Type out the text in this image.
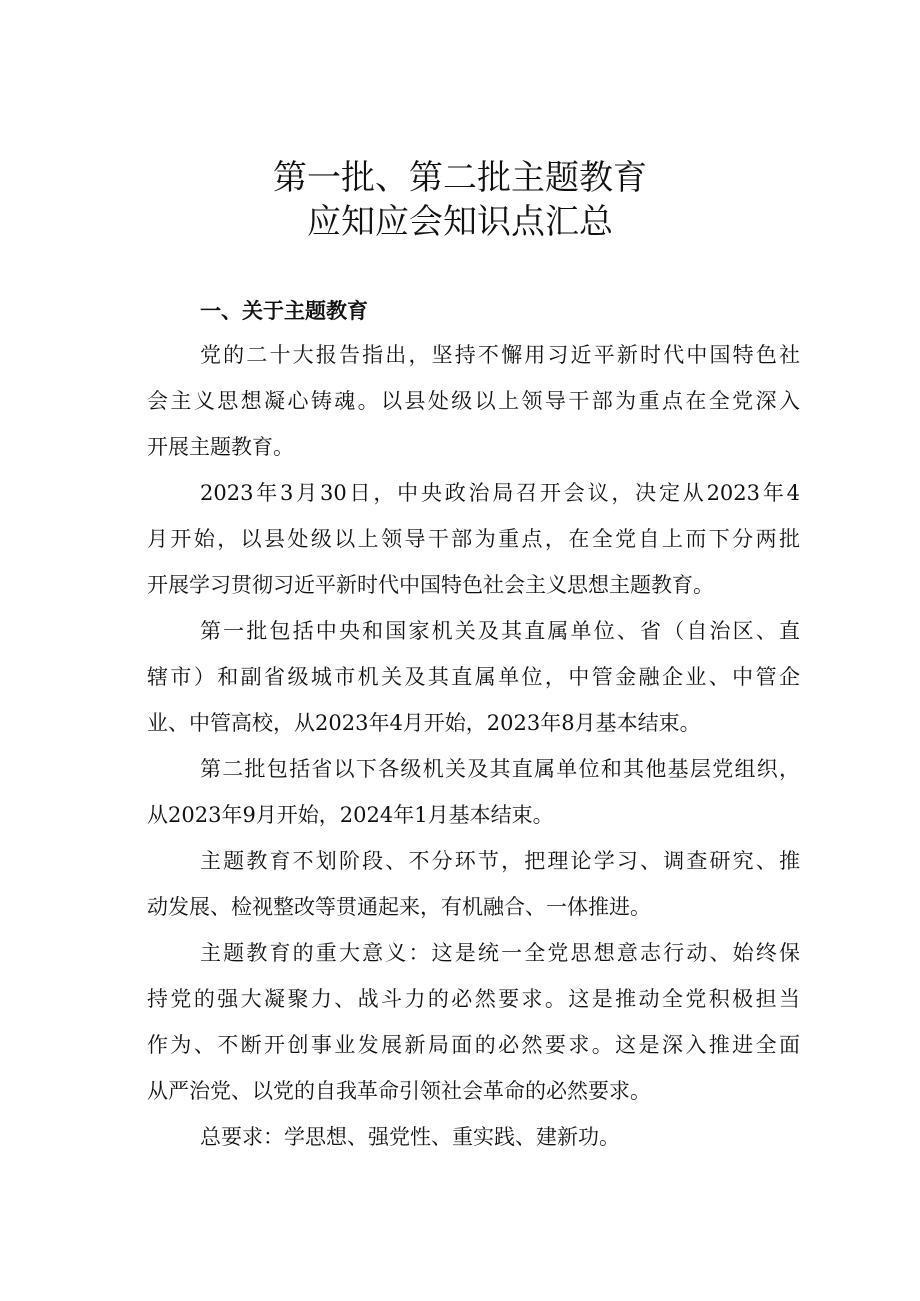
第一批、第二批主题教育
应知应会知识点汇总
一、关于主题教育
党的二十大报告指出，坚持不懈用习近平新时代中国特色社
会主义思想凝心铸魂。以县处级以上领导干部为重点在全党深入
开展主题教育。
2023年3月30日，中央政治局召开会议，决定从2023年4
月开始，以县处级以上领导干部为重点，在全党自上而下分两批
开展学习贯彻习近平新时代中国特色社会主义思想主题教育。
第一批包括中央和国家机关及其直属单位、省（自治区、直
辖市）和副省级城市机关及其直属单位，中管金融企业、中管企
业、中管高校，从2023年4月开始，2023年8月基本结束。
第二批包括省以下各级机关及其直属单位和其他基层党组织，
从2023年9月开始，2024年1月基本结束。
主题教育不划阶段、不分环节，把理论学习、调查研究、推
动发展、检视整改等贯通起来，有机融合、一体推进。
主题教育的重大意义：这是统一全党思想意志行动、始终保
持党的强大凝聚力、战斗力的必然要求。这是推动全党积极担当
作为、不断开创事业发展新局面的必然要求。这是深入推进全面
从严治党、以党的自我革命引领社会革命的必然要求。
总要求：学思想、强党性、重实践、建新功。
